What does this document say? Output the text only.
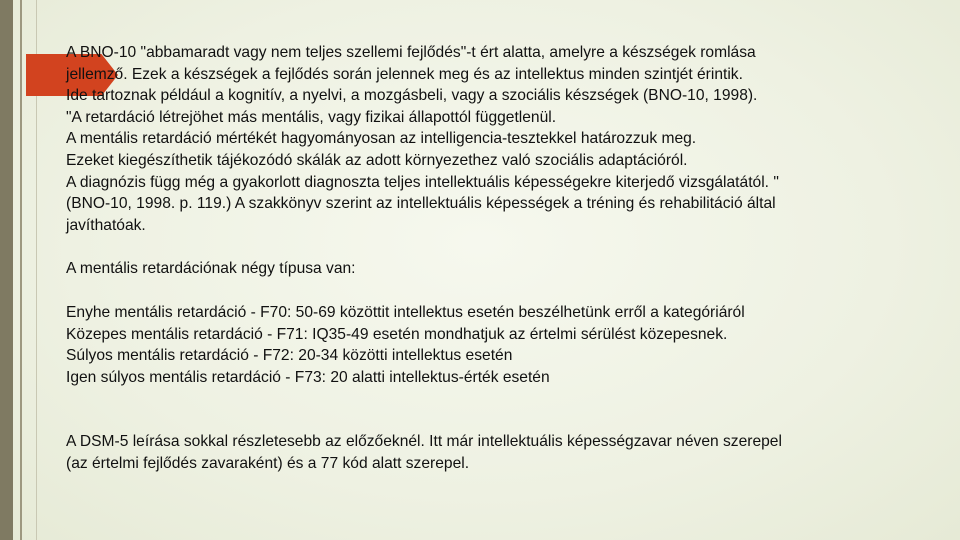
A BNO-10 "abbamaradt vagy nem teljes szellemi fejlődés"-t ért alatta, amelyre a készségek romlása

jellemző. Ezek a készségek a fejlődés során jelennek meg és az intellektus minden szintjét érintik.

Ide tartoznak például a kognitív, a nyelvi, a mozgásbeli, vagy a szociális készségek (BNO-10, 1998).

"A retardáció létrejöhet más mentális, vagy fizikai állapottól függetlenül.

A mentális retardáció mértékét hagyományosan az intelligencia-tesztekkel határozzuk meg.

Ezeket kiegészíthetik tájékozódó skálák az adott környezethez való szociális adaptációról.

A diagnózis függ még a gyakorlott diagnoszta teljes intellektuális képességekre kiterjedő vizsgálatától. "

(BNO-10, 1998. p. 119.) A szakkönyv szerint az intellektuális képességek a tréning és rehabilitáció által

javíthatóak.

A mentális retardációnak négy típusa van:

Enyhe mentális retardáció - F70: 50-69 közöttit intellektus esetén beszélhetünk erről a kategóriáról

Közepes mentális retardáció - F71: IQ35-49 esetén mondhatjuk az értelmi sérülést közepesnek.

Súlyos mentális retardáció - F72: 20-34 közötti intellektus esetén

Igen súlyos mentális retardáció - F73: 20 alatti intellektus-érték esetén

A DSM-5 leírása sokkal részletesebb az előzőeknél. Itt már intellektuális képességzavar néven szerepel

(az értelmi fejlődés zavaraként) és a 77 kód alatt szerepel.
